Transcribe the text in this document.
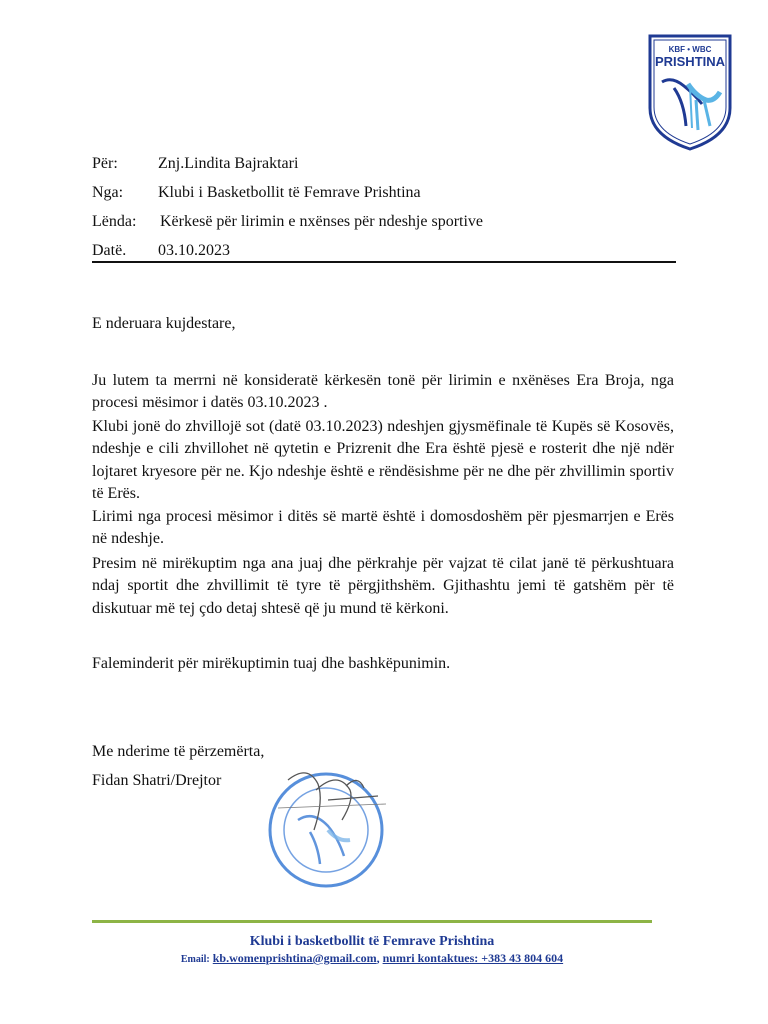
KBF • WBC
PRISHTINA
Për:	Znj.Lindita Bajraktari
Nga: Klubi i Basketbollit të Femrave Prishtina
Lënda: Kërkesë për lirimin e nxënses për ndeshje sportive
Datë. 03.10.2023
E nderuara kujdestare,

Ju lutem ta merrni në konsideratë kërkesën tonë për lirimin e nxënëses Era Broja, nga procesi mësimor i datës 03.10.2023 .

Klubi jonë do zhvillojë sot (datë 03.10.2023) ndeshjen gjysmëfinale të Kupës së Kosovës, ndeshje e cili zhvillohet në qytetin e Prizrenit dhe Era është pjesë e rosterit dhe një ndër lojtaret kryesore për ne. Kjo ndeshje është e rëndësishme për ne dhe për zhvillimin sportiv të Erës.

Lirimi nga procesi mësimor i ditës së martë është i domosdoshëm për pjesmarrjen e Erës në ndeshje.

Presim në mirëkuptim nga ana juaj dhe përkrahje për vajzat të cilat janë të përkushtuara ndaj sportit dhe zhvillimit të tyre të përgjithshëm. Gjithashtu jemi të gatshëm për të diskutuar më tej çdo detaj shtesë që ju mund të kërkoni.

Faleminderit për mirëkuptimin tuaj dhe bashkëpunimin.
Me nderime të përzemërta,
Fidan Shatri/Drejtor
Klubi i basketbollit të Femrave Prishtina
Email: kb.womenprishtina@gmail.com, numri kontaktues: +383 43 804 604
